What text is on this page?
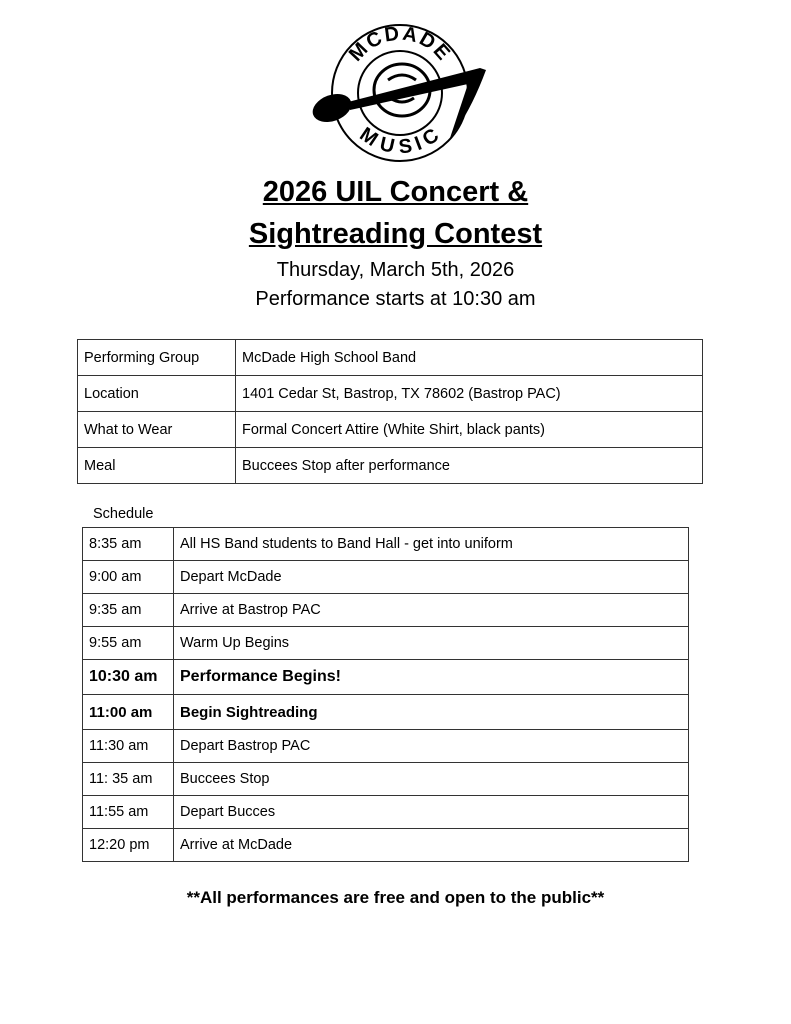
MCDADE
MUSIC
2026 UIL Concert &
Sightreading Contest
Thursday, March 5th, 2026
Performance starts at 10:30 am
Performing Group	McDade High School Band
Location	1401 Cedar St, Bastrop, TX 78602 (Bastrop PAC)
What to Wear	Formal Concert Attire (White Shirt, black pants)
Meal	Buccees Stop after performance
Schedule
8:35 am	All HS Band students to Band Hall - get into uniform
9:00 am	Depart McDade
9:35 am	Arrive at Bastrop PAC
9:55 am	Warm Up Begins
10:30 am	Performance Begins!
11:00 am	Begin Sightreading
11:30 am	Depart Bastrop PAC
11: 35 am	Buccees Stop
11:55 am	Depart Bucces
12:20 pm	Arrive at McDade
**All performances are free and open to the public**
